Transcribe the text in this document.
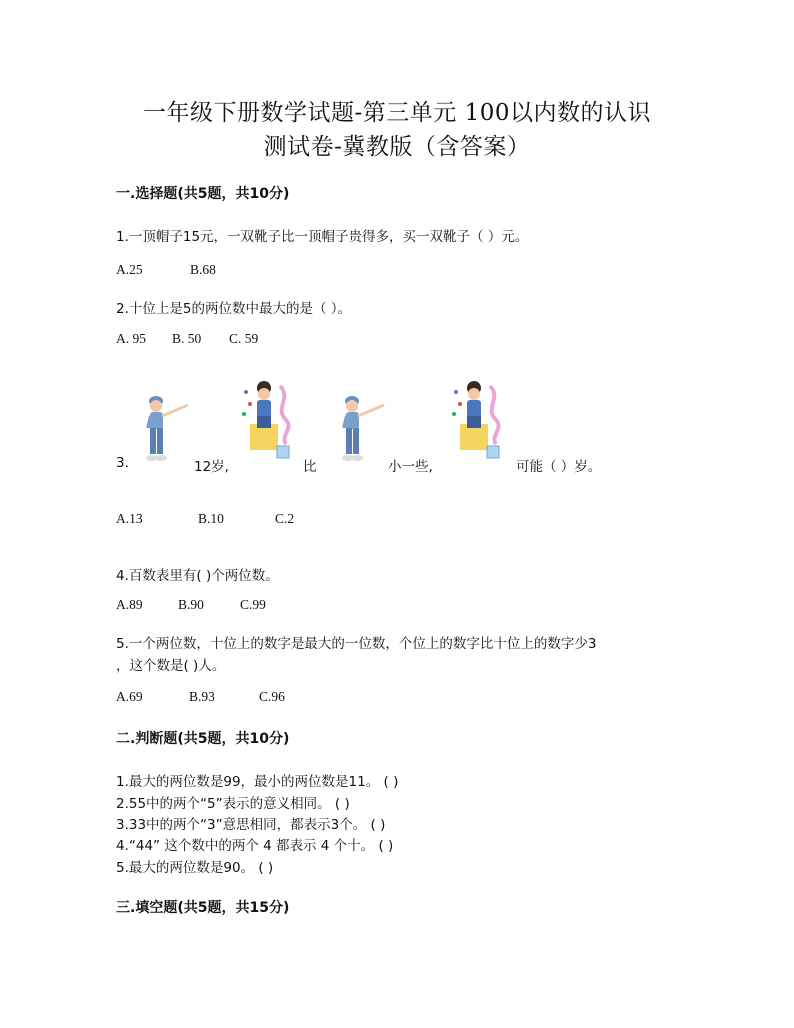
一年级下册数学试题-第三单元 100以内数的认识
测试卷-冀教版（含答案）
一.选择题(共5题，共10分)
1.一顶帽子15元，一双靴子比一顶帽子贵得多，买一双靴子（ ）元。
A.25	B.68
2.十位上是5的两位数中最大的是（ ）。
A. 95 B. 50 C. 59
3.	12岁,	比	小一些,	可能（ ）岁。
A.13	B.10	C.2
4.百数表里有( )个两位数。
A.89	B.90	C.99
5.一个两位数，十位上的数字是最大的一位数，个位上的数字比十位上的数字少3
，这个数是( )人。
A.69	B.93	C.96
二.判断题(共5题，共10分)
1.最大的两位数是99，最小的两位数是11。 ( )
2.55中的两个“5”表示的意义相同。 ( )
3.33中的两个“3”意思相同，都表示3个。 ( )
4.“44” 这个数中的两个 4 都表示 4 个十。 ( )
5.最大的两位数是90。 ( )
三.填空题(共5题，共15分)
